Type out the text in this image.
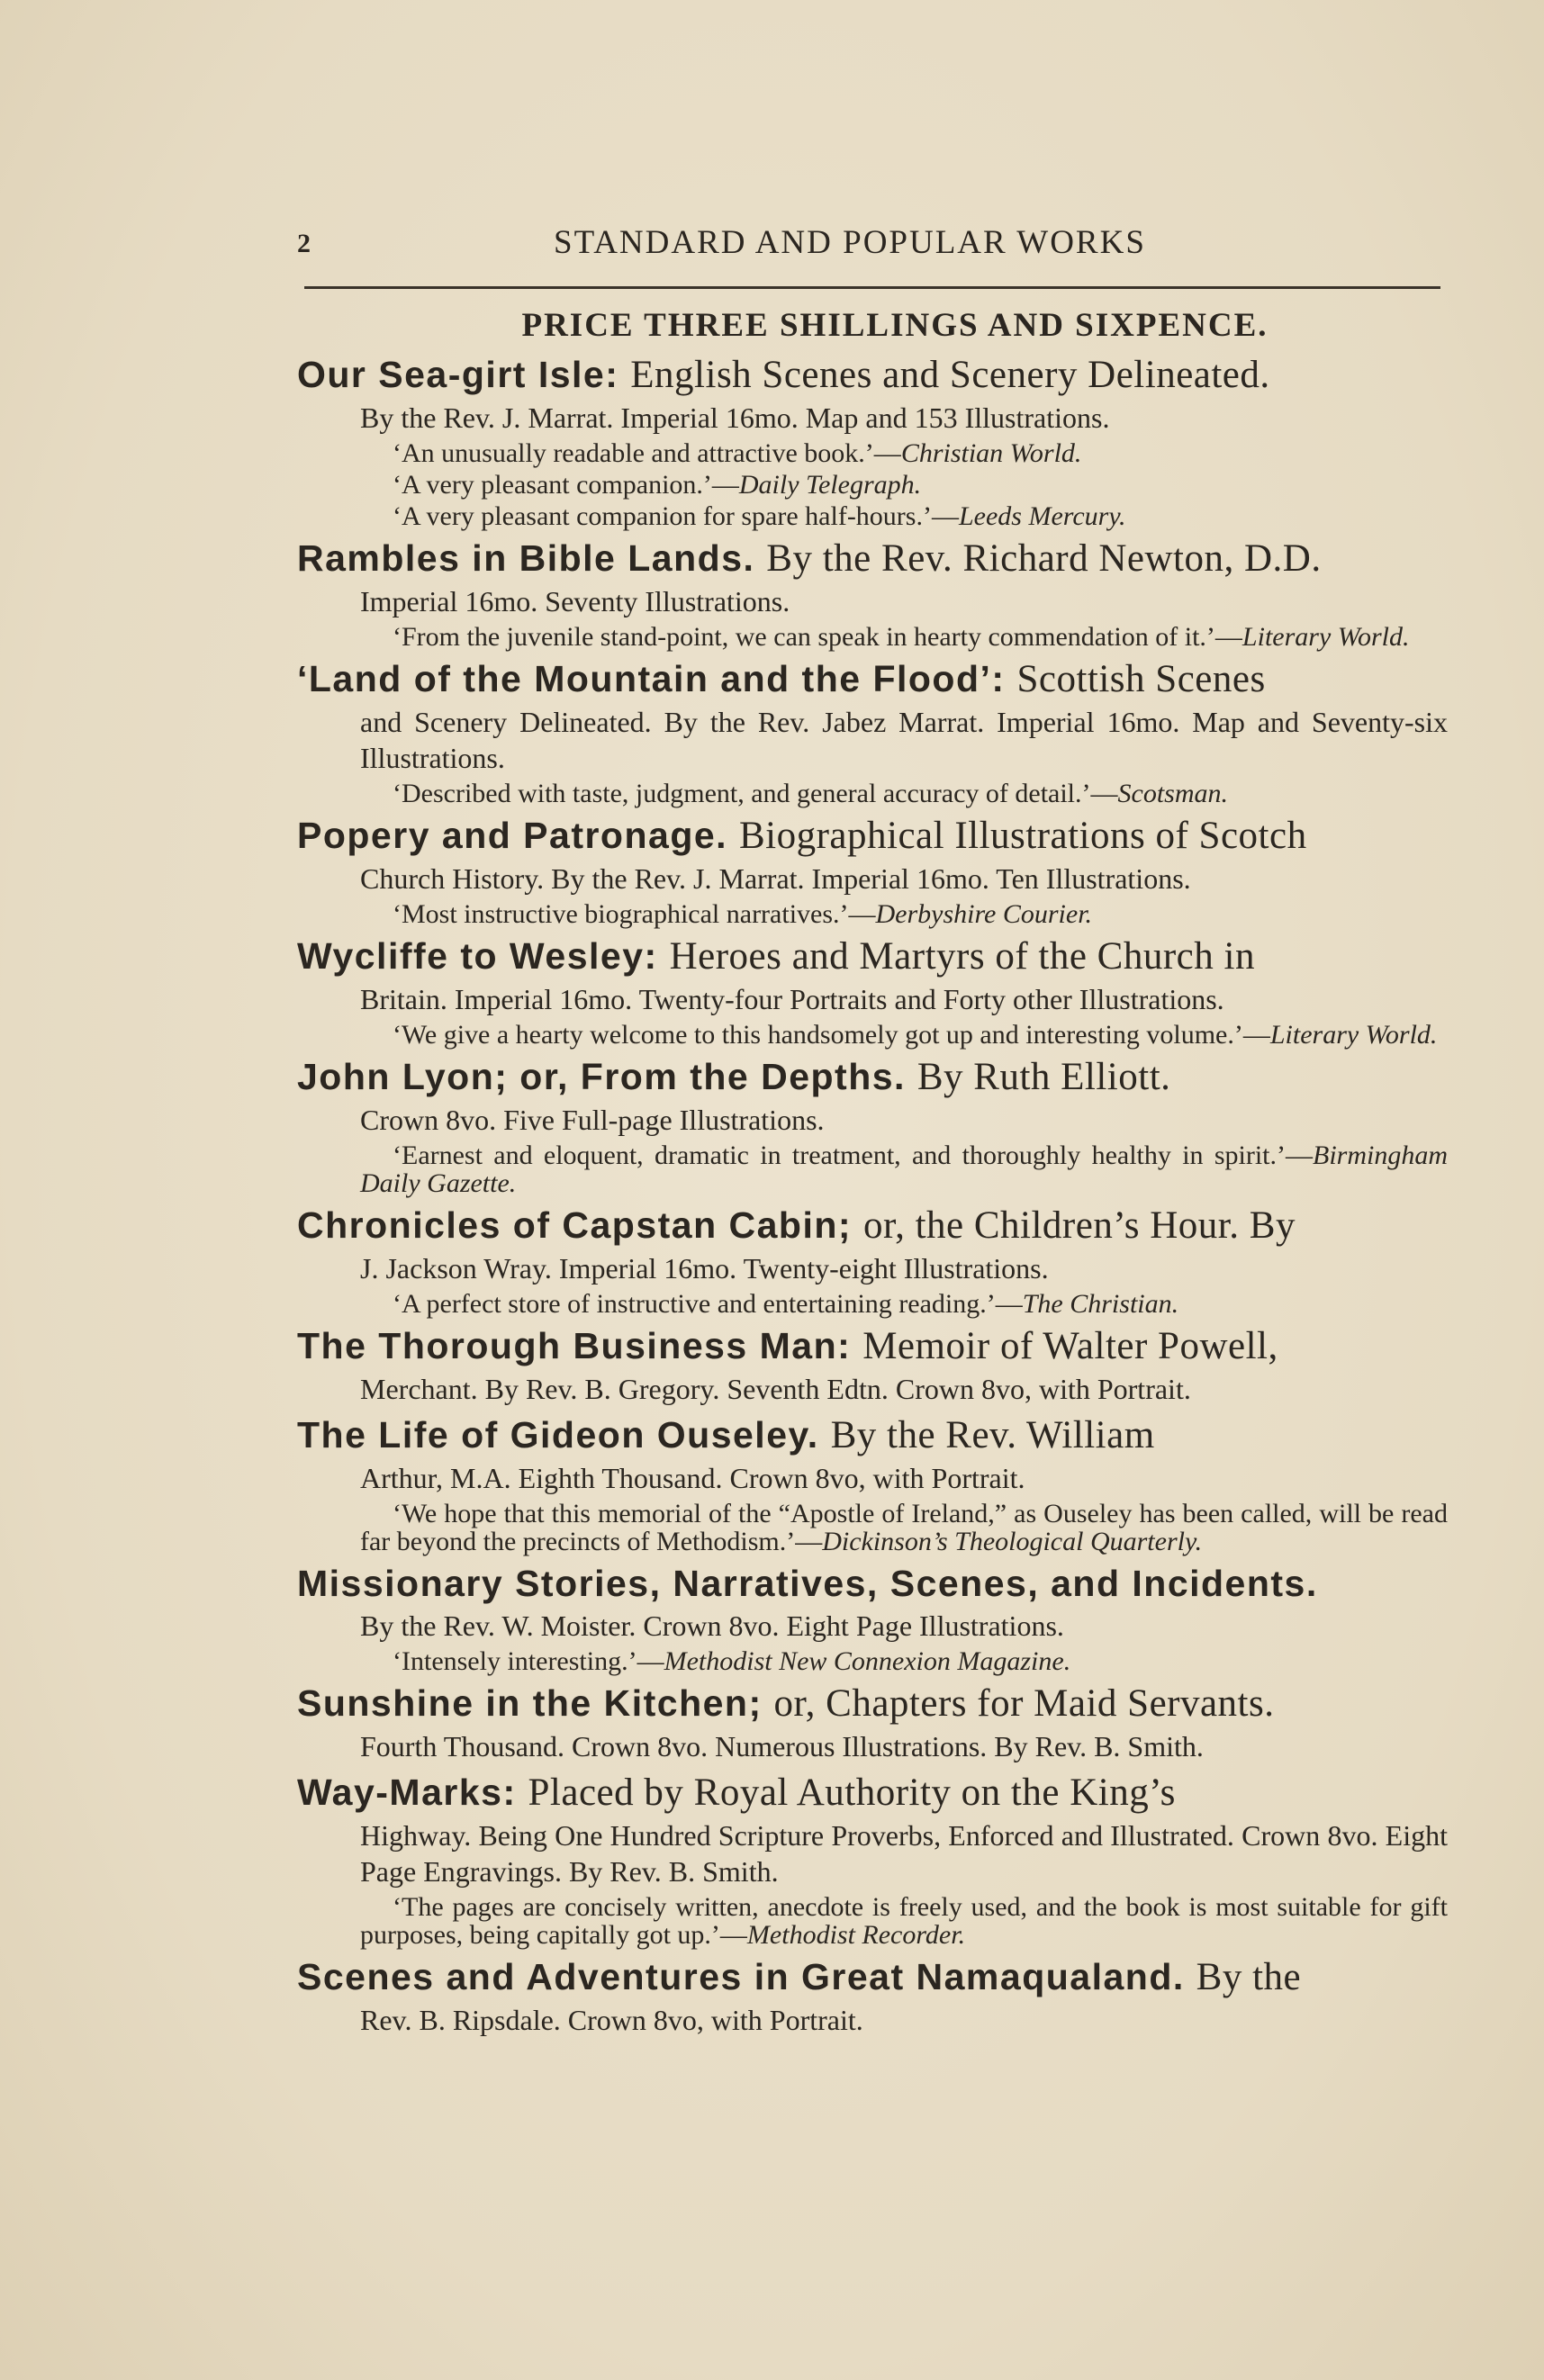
2	STANDARD AND POPULAR WORKS
PRICE THREE SHILLINGS AND SIXPENCE.
Our Sea-girt Isle: English Scenes and Scenery Delineated.
By the Rev. J. Marrat. Imperial 16mo. Map and 153 Illustrations.
‘An unusually readable and attractive book.’—Christian World.
‘A very pleasant companion.’—Daily Telegraph.
‘A very pleasant companion for spare half-hours.’—Leeds Mercury.
Rambles in Bible Lands. By the Rev. Richard Newton, D.D.
Imperial 16mo. Seventy Illustrations.
‘From the juvenile stand-point, we can speak in hearty commendation of it.’—Literary World.
‘Land of the Mountain and the Flood’: Scottish Scenes
and Scenery Delineated. By the Rev. Jabez Marrat. Imperial 16mo. Map and Seventy-six Illustrations.
‘Described with taste, judgment, and general accuracy of detail.’—Scotsman.
Popery and Patronage. Biographical Illustrations of Scotch
Church History. By the Rev. J. Marrat. Imperial 16mo. Ten Illustrations.
‘Most instructive biographical narratives.’—Derbyshire Courier.
Wycliffe to Wesley: Heroes and Martyrs of the Church in
Britain. Imperial 16mo. Twenty-four Portraits and Forty other Illustrations.
‘We give a hearty welcome to this handsomely got up and interesting volume.’—Literary World.
John Lyon; or, From the Depths. By Ruth Elliott.
Crown 8vo. Five Full-page Illustrations.
‘Earnest and eloquent, dramatic in treatment, and thoroughly healthy in spirit.’—Birmingham Daily Gazette.
Chronicles of Capstan Cabin; or, the Children’s Hour. By
J. Jackson Wray. Imperial 16mo. Twenty-eight Illustrations.
‘A perfect store of instructive and entertaining reading.’—The Christian.
The Thorough Business Man: Memoir of Walter Powell,
Merchant. By Rev. B. Gregory. Seventh Edtn. Crown 8vo, with Portrait.
The Life of Gideon Ouseley. By the Rev. William
Arthur, M.A. Eighth Thousand. Crown 8vo, with Portrait.
‘We hope that this memorial of the “Apostle of Ireland,” as Ouseley has been called, will be read far beyond the precincts of Methodism.’—Dickinson’s Theological Quarterly.
Missionary Stories, Narratives, Scenes, and Incidents.
By the Rev. W. Moister. Crown 8vo. Eight Page Illustrations.
‘Intensely interesting.’—Methodist New Connexion Magazine.
Sunshine in the Kitchen; or, Chapters for Maid Servants.
Fourth Thousand. Crown 8vo. Numerous Illustrations. By Rev. B. Smith.
Way-Marks: Placed by Royal Authority on the King’s
Highway. Being One Hundred Scripture Proverbs, Enforced and Illustrated. Crown 8vo. Eight Page Engravings. By Rev. B. Smith.
‘The pages are concisely written, anecdote is freely used, and the book is most suitable for gift purposes, being capitally got up.’—Methodist Recorder.
Scenes and Adventures in Great Namaqualand. By the
Rev. B. Ripsdale. Crown 8vo, with Portrait.
